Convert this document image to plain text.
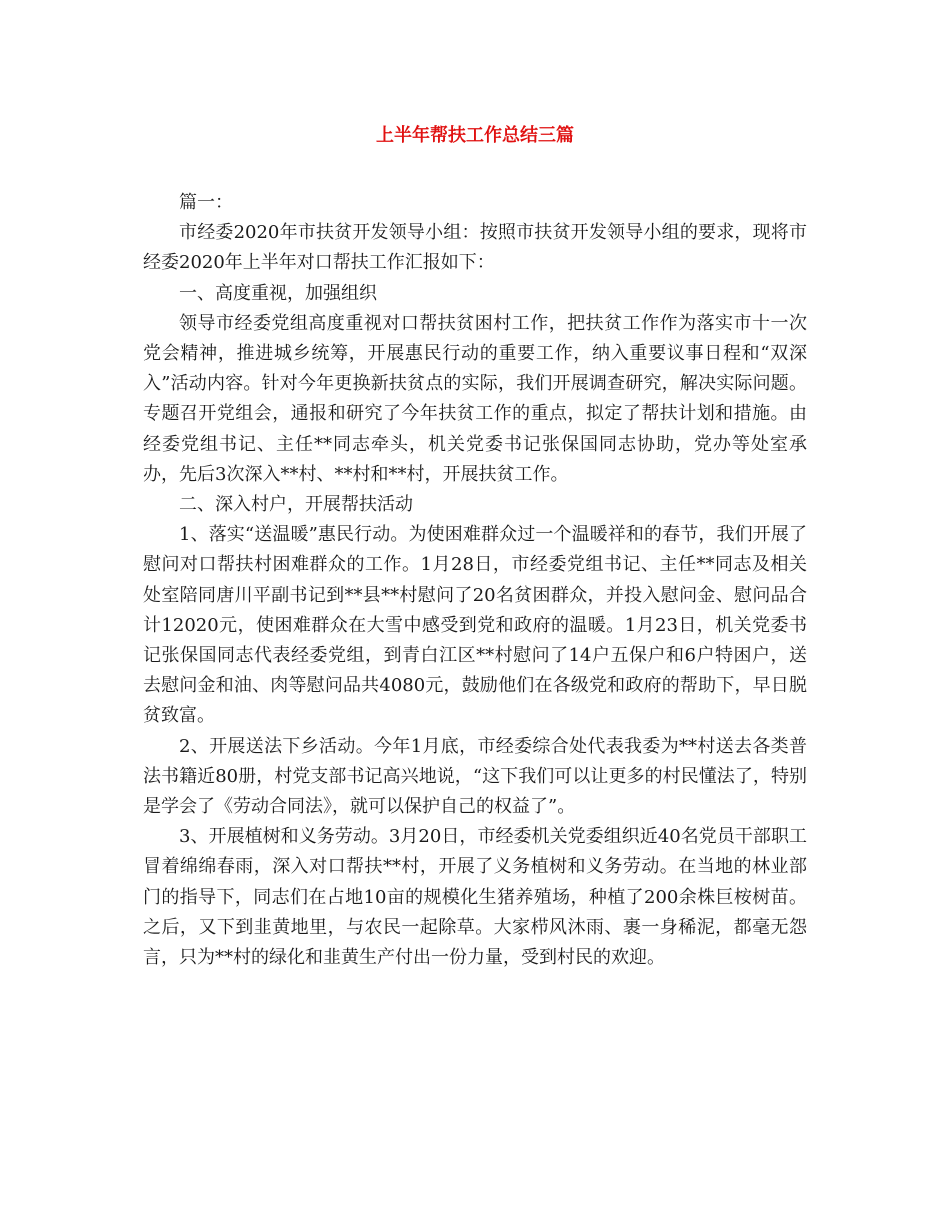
上半年帮扶工作总结三篇

篇一：

市经委2020年市扶贫开发领导小组：按照市扶贫开发领导小组的要求，现将市经委2020年上半年对口帮扶工作汇报如下：

一、高度重视，加强组织

领导市经委党组高度重视对口帮扶贫困村工作，把扶贫工作作为落实市十一次党会精神，推进城乡统筹，开展惠民行动的重要工作，纳入重要议事日程和“双深入”活动内容。针对今年更换新扶贫点的实际，我们开展调查研究，解决实际问题。专题召开党组会，通报和研究了今年扶贫工作的重点，拟定了帮扶计划和措施。由经委党组书记、主任**同志牵头，机关党委书记张保国同志协助，党办等处室承办，先后3次深入**村、**村和**村，开展扶贫工作。

二、深入村户，开展帮扶活动

1、落实“送温暖”惠民行动。为使困难群众过一个温暖祥和的春节，我们开展了慰问对口帮扶村困难群众的工作。1月28日，市经委党组书记、主任**同志及相关处室陪同唐川平副书记到**县**村慰问了20名贫困群众，并投入慰问金、慰问品合计12020元，使困难群众在大雪中感受到党和政府的温暖。1月23日，机关党委书记张保国同志代表经委党组，到青白江区**村慰问了14户五保户和6户特困户，送去慰问金和油、肉等慰问品共4080元，鼓励他们在各级党和政府的帮助下，早日脱贫致富。

2、开展送法下乡活动。今年1月底，市经委综合处代表我委为**村送去各类普法书籍近80册，村党支部书记高兴地说，“这下我们可以让更多的村民懂法了，特别是学会了《劳动合同法》，就可以保护自己的权益了”。

3、开展植树和义务劳动。3月20日，市经委机关党委组织近40名党员干部职工冒着绵绵春雨，深入对口帮扶**村，开展了义务植树和义务劳动。在当地的林业部门的指导下，同志们在占地10亩的规模化生猪养殖场，种植了200余株巨桉树苗。之后，又下到韭黄地里，与农民一起除草。大家栉风沐雨、裹一身稀泥，都毫无怨言，只为**村的绿化和韭黄生产付出一份力量，受到村民的欢迎。
